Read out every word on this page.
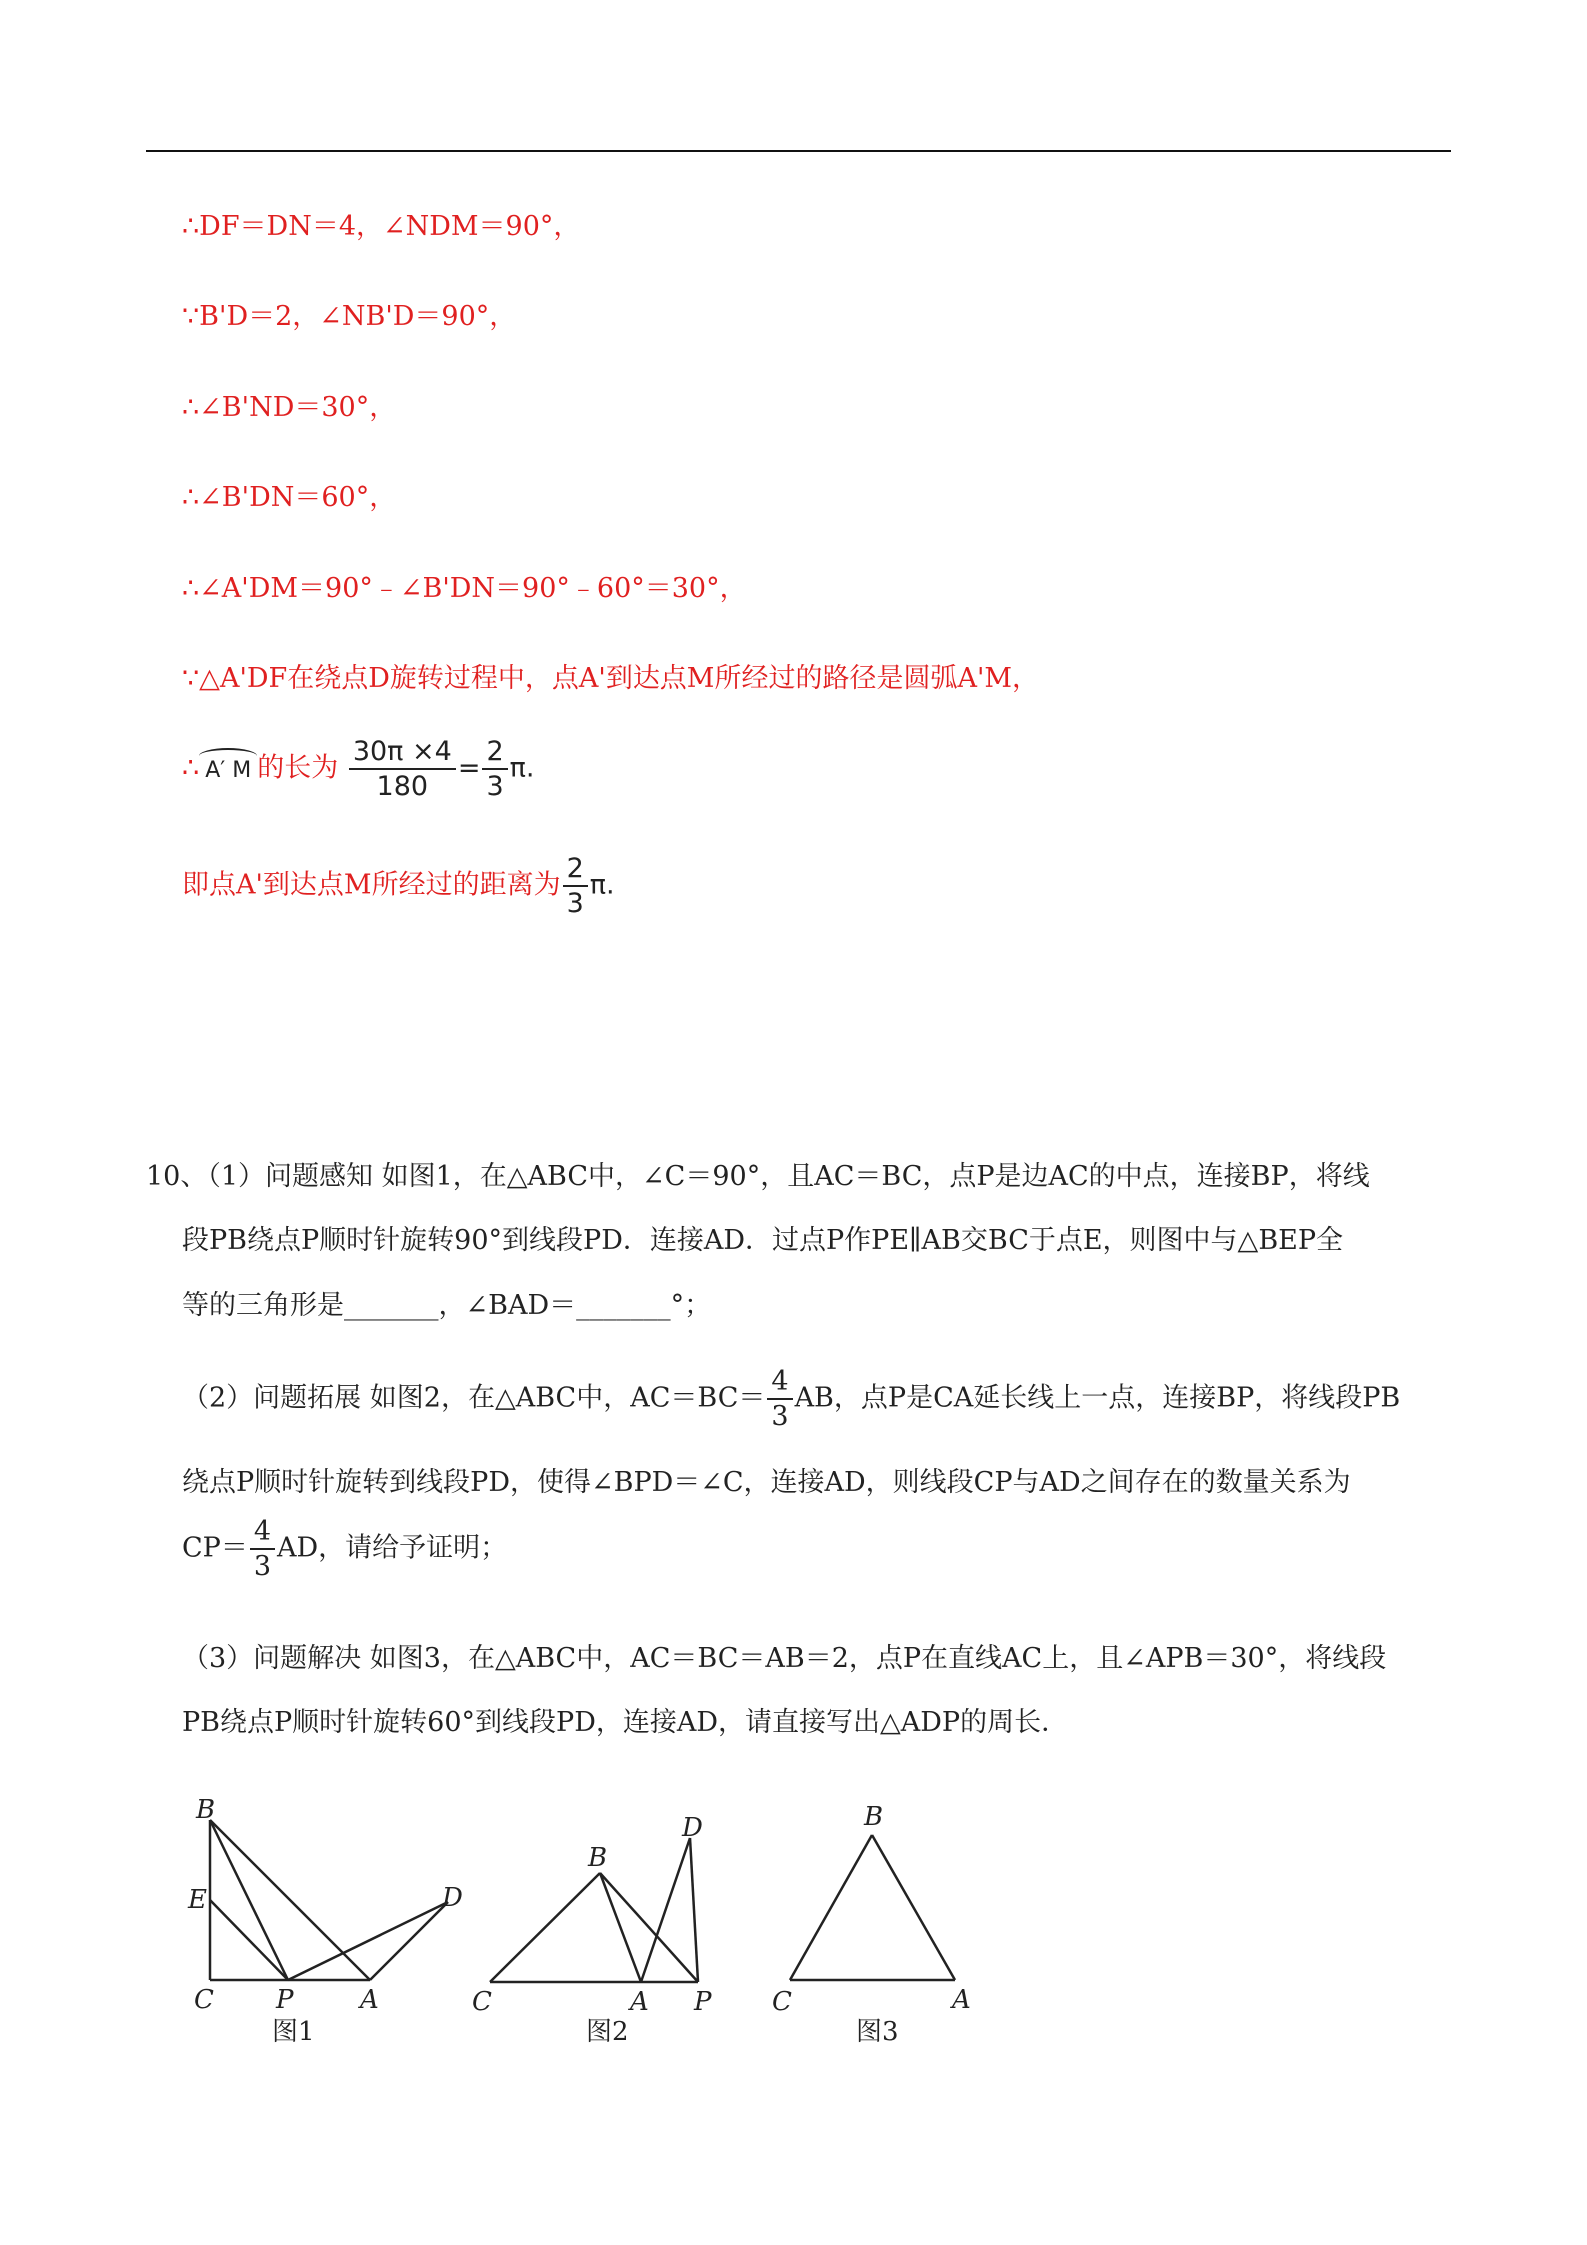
∴DF＝DN＝4，∠NDM＝90°，
∵B'D＝2，∠NB'D＝90°，
∴∠B'ND＝30°，
∴∠B'DN＝60°，
∴∠A'DM＝90°﹣∠B'DN＝90°﹣60°＝30°，
∵△A'DF在绕点D旋转过程中，点A'到达点M所经过的路径是圆弧A'M，
∴ A′ M 的长为 $\frac{30\pi \times 4}{180} = \frac{2}{3} \pi$.
即点A'到达点M所经过的距离为 $\frac{2}{3} \pi$.
10、（1）问题感知 如图1，在△ABC中，∠C＝90°，且AC＝BC，点P是边AC的中点，连接BP，将线
段PB绕点P顺时针旋转90°到线段PD．连接AD．过点P作PE∥AB交BC于点E，则图中与△BEP全
等的三角形是_______，∠BAD＝_______°；
（2）问题拓展 如图2，在△ABC中，$AC=BC= \frac{4}{3}$ AB，点P是CA延长线上一点，连接BP，将线段PB
绕点P顺时针旋转到线段PD，使得∠BPD＝∠C，连接AD，则线段CP与AD之间存在的数量关系为
$CP= \frac{4}{3}$ AD，请给予证明；
（3）问题解决 如图3，在△ABC中，AC＝BC＝AB＝2，点P在直线AC上，且∠APB＝30°，将线段
PB绕点P顺时针旋转60°到线段PD，连接AD，请直接写出△ADP的周长．
B
E
C P	A
D
图1
B
D
C	A P
图2
B
C	A
图3
